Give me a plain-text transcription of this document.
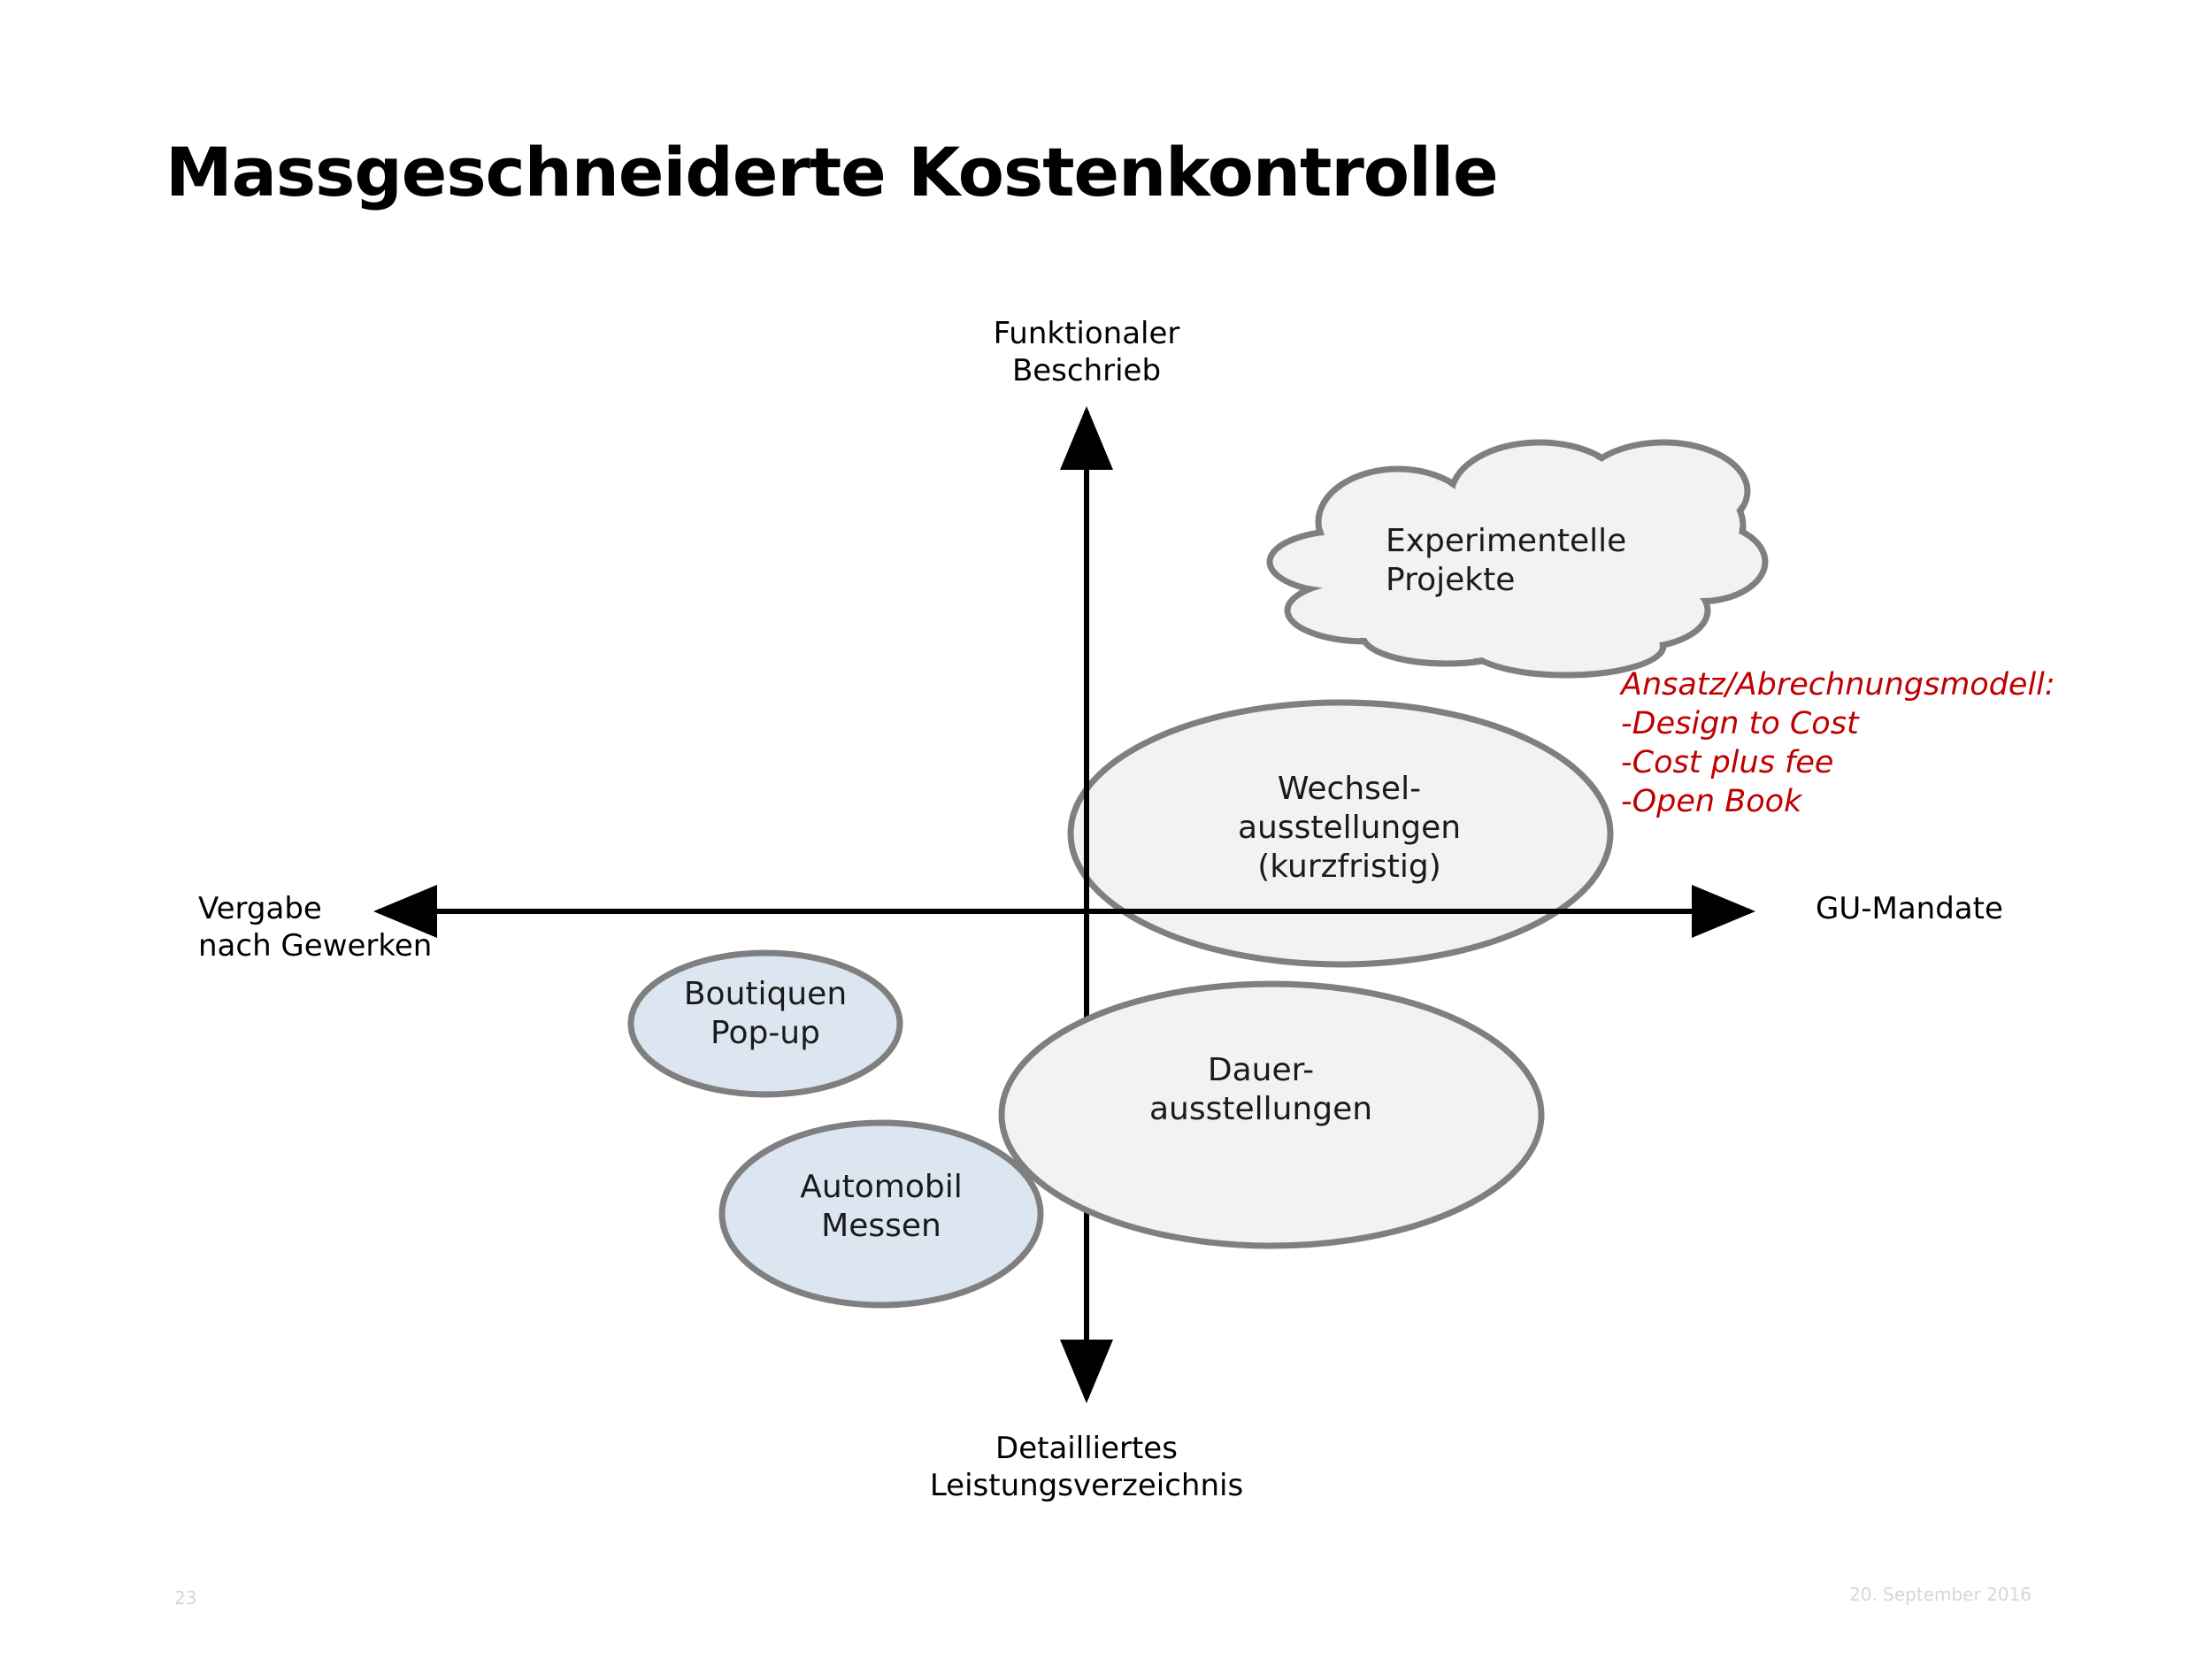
Massgeschneiderte Kostenkontrolle
Funktionaler
Beschrieb
Detailliertes
Leistungsverzeichnis
Vergabe
nach Gewerken
GU-Mandate
Experimentelle
Projekte
Wechsel-
ausstellungen
(kurzfristig)
Dauer-
ausstellungen
Boutiquen
Pop-up
Automobil
Messen
Ansatz/Abrechnungsmodell:
-Design to Cost
-Cost plus fee
-Open Book
23	20. September 2016
